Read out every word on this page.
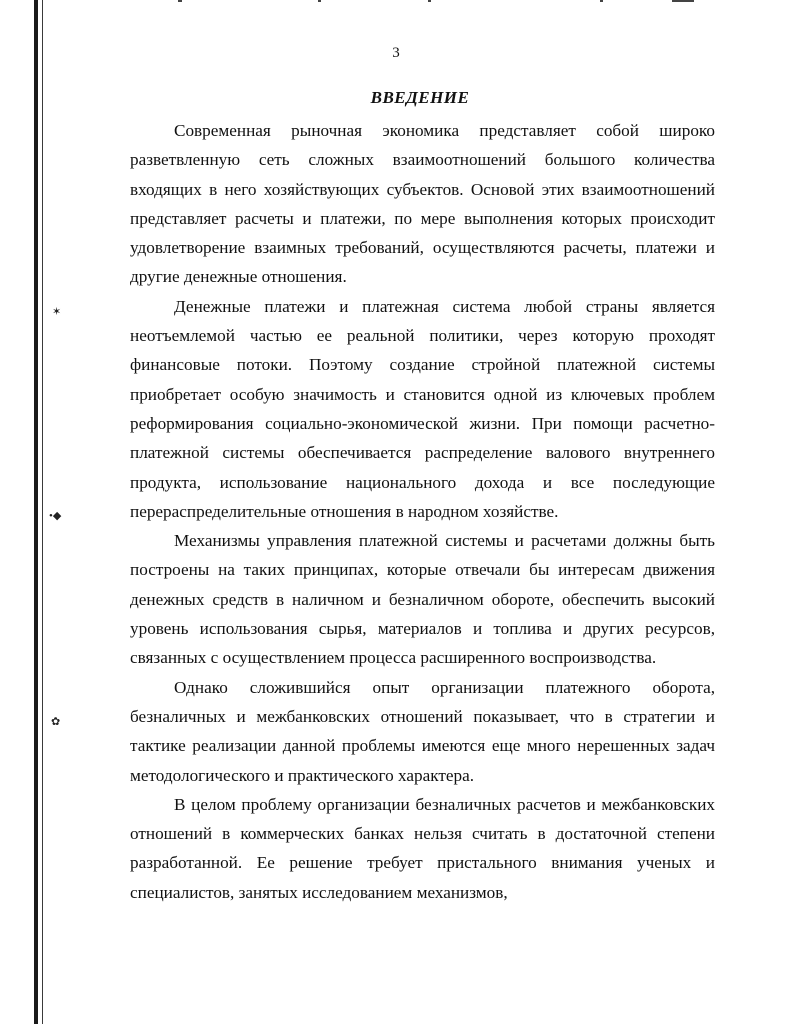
3
ВВЕДЕНИЕ

Современная рыночная экономика представляет собой широко разветвленную сеть сложных взаимоотношений большого количества входящих в него хозяйствующих субъектов. Основой этих взаимоотношений представляет расчеты и платежи, по мере выполнения которых происходит удовлетворение взаимных требований, осуществляются расчеты, платежи и другие денежные отношения.

Денежные платежи и платежная система любой страны является неотъемлемой частью ее реальной политики, через которую проходят финансовые потоки. Поэтому создание стройной платежной системы приобретает особую значимость и становится одной из ключевых проблем реформирования социально-экономической жизни. При помощи расчетно-платежной системы обеспечивается распределение валового внутреннего продукта, использование национального дохода и все последующие перераспределительные отношения в народном хозяйстве.

Механизмы управления платежной системы и расчетами должны быть построены на таких принципах, которые отвечали бы интересам движения денежных средств в наличном и безналичном обороте, обеспечить высокий уровень использования сырья, материалов и топлива и других ресурсов, связанных с осуществлением процесса расширенного воспроизводства.

Однако сложившийся опыт организации платежного оборота, безналичных и межбанковских отношений показывает, что в стратегии и тактике реализации данной проблемы имеются еще много нерешенных задач методологического и практического характера.

В целом проблему организации безналичных расчетов и межбанковских отношений в коммерческих банках нельзя считать в достаточной степени разработанной. Ее решение требует пристального внимания ученых и специалистов, занятых исследованием механизмов,

✶
•◆
✿
